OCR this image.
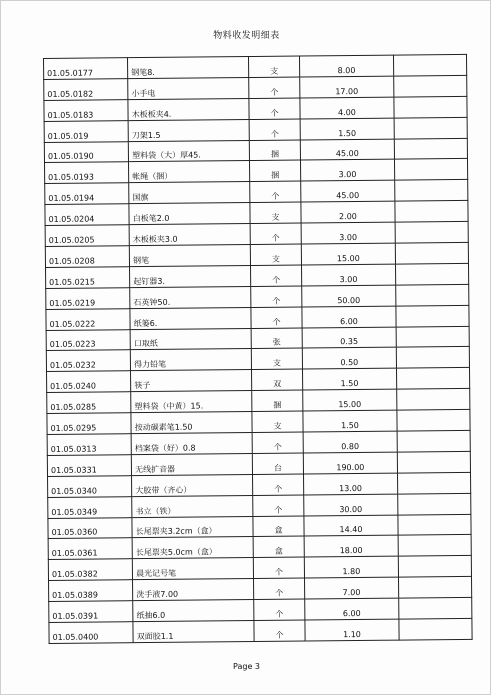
物料收发明细表
01.05.0177	钢笔8.	支	8.00	
01.05.0182	小手电	个	17.00	
01.05.0183	木板板夹4.	个	4.00	
01.05.019	刀架1.5	个	1.50	
01.05.0190	塑料袋（大）厚45.	捆	45.00	
01.05.0193	帐绳（捆）	捆	3.00	
01.05.0194	国旗	个	45.00	
01.05.0204	白板笔2.0	支	2.00	
01.05.0205	木板板夹3.0	个	3.00	
01.05.0208	钢笔	支	15.00	
01.05.0215	起钉器3.	个	3.00	
01.05.0219	石英钟50.	个	50.00	
01.05.0222	纸篓6.	个	6.00	
01.05.0223	口取纸	张	0.35	
01.05.0232	得力铅笔	支	0.50	
01.05.0240	筷子	双	1.50	
01.05.0285	塑料袋（中黄）15.	捆	15.00	
01.05.0295	按动碳素笔1.50	支	1.50	
01.05.0313	档案袋（好）0.8	个	0.80	
01.05.0331	无线扩音器	台	190.00	
01.05.0340	大胶带（齐心）	个	13.00	
01.05.0349	书立（铁）	个	30.00	
01.05.0360	长尾票夹3.2cm（盒）	盒	14.40	
01.05.0361	长尾票夹5.0cm（盒）	盒	18.00	
01.05.0382	晨光记号笔	个	1.80	
01.05.0389	洗手液7.00	个	7.00	
01.05.0391	纸抽6.0	个	6.00	
01.05.0400	双面胶1.1	个	1.10	
Page 3
